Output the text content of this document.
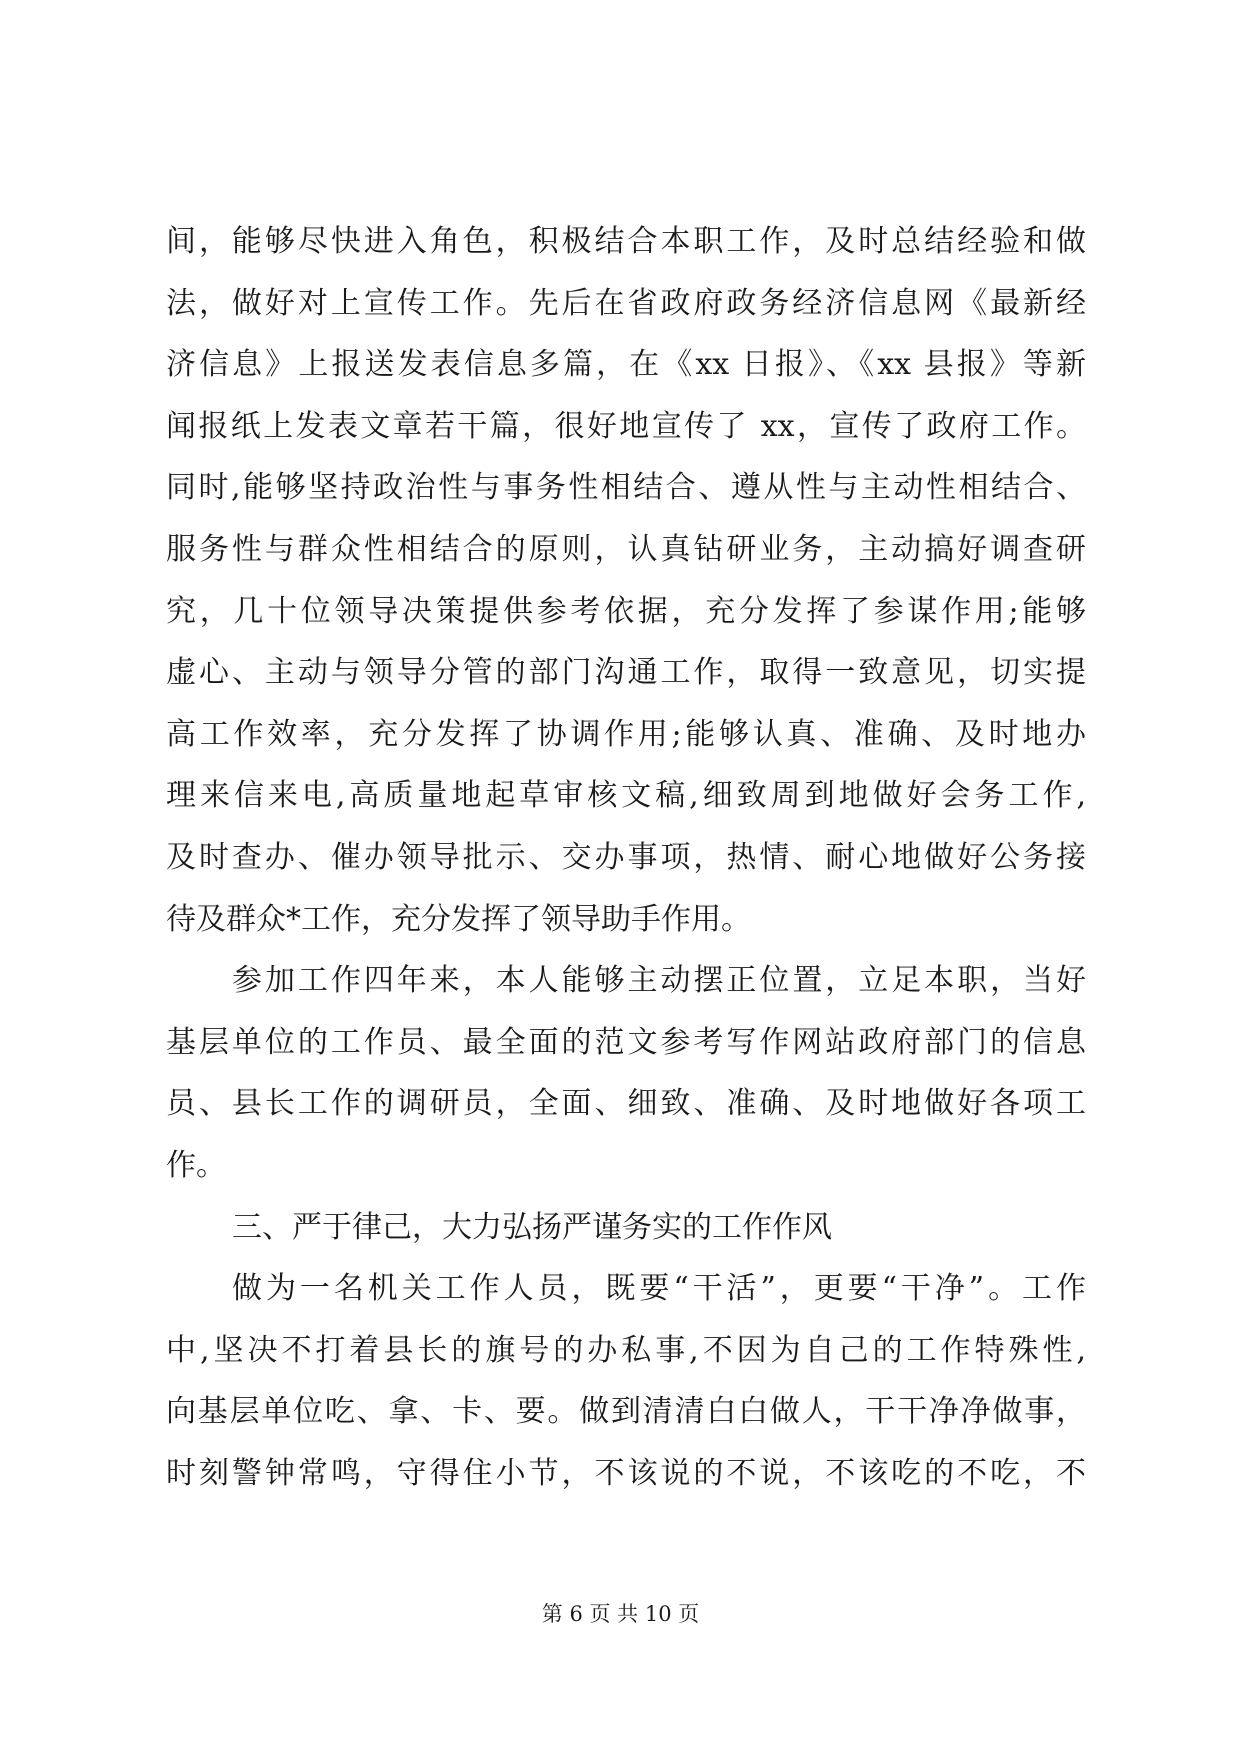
间，能够尽快进入角色，积极结合本职工作，及时总结经验和做
法，做好对上宣传工作。先后在省政府政务经济信息网《最新经
济信息》上报送发表信息多篇，在《xx 日报》、《xx 县报》等新
闻报纸上发表文章若干篇，很好地宣传了 xx，宣传了政府工作。
同时,能够坚持政治性与事务性相结合、遵从性与主动性相结合、
服务性与群众性相结合的原则，认真钻研业务，主动搞好调查研
究，几十位领导决策提供参考依据，充分发挥了参谋作用;能够
虚心、主动与领导分管的部门沟通工作，取得一致意见，切实提
高工作效率，充分发挥了协调作用;能够认真、准确、及时地办
理来信来电,高质量地起草审核文稿,细致周到地做好会务工作,
及时查办、催办领导批示、交办事项，热情、耐心地做好公务接
待及群众*工作，充分发挥了领导助手作用。
参加工作四年来，本人能够主动摆正位置，立足本职，当好
基层单位的工作员、最全面的范文参考写作网站政府部门的信息
员、县长工作的调研员，全面、细致、准确、及时地做好各项工
作。
三、严于律己，大力弘扬严谨务实的工作作风
做为一名机关工作人员，既要“干活”，更要“干净”。工作
中,坚决不打着县长的旗号的办私事,不因为自己的工作特殊性,
向基层单位吃、拿、卡、要。做到清清白白做人，干干净净做事，
时刻警钟常鸣，守得住小节，不该说的不说，不该吃的不吃，不
第 6 页 共 10 页
